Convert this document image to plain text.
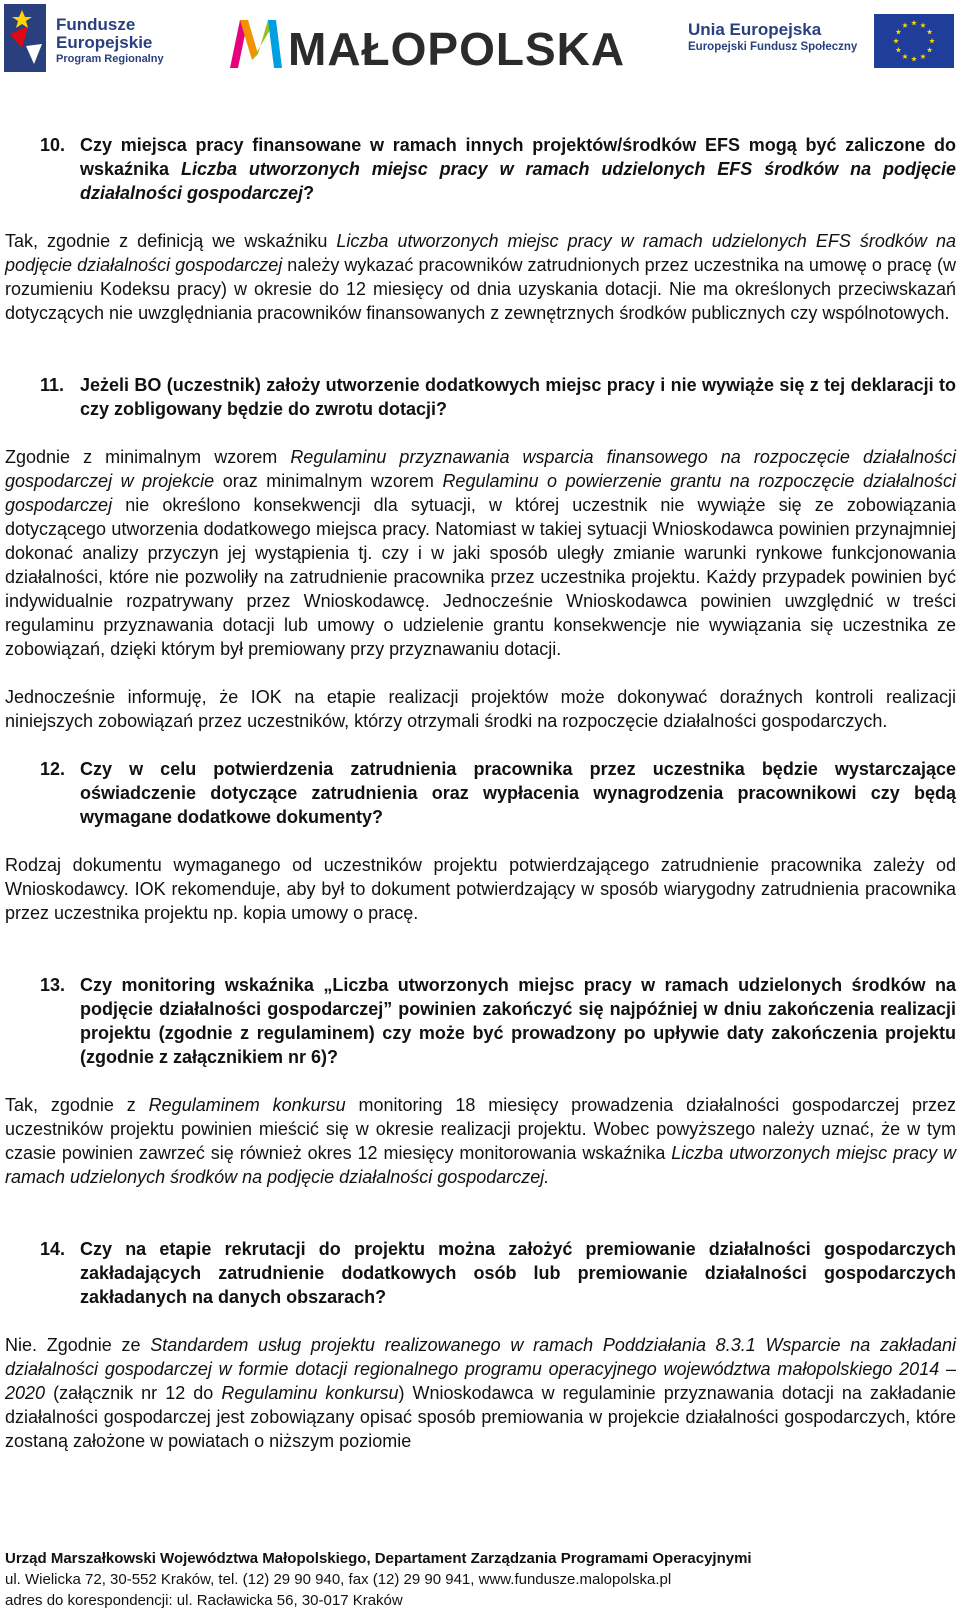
Fundusze
Europejskie
Program Regionalny	MAŁOPOLSKA	Unia Europejska
Europejski Fundusz Społeczny
10. Czy miejsca pracy finansowane w ramach innych projektów/środków EFS mogą być zaliczone do wskaźnika Liczba utworzonych miejsc pracy w ramach udzielonych EFS środków na podjęcie działalności gospodarczej?
Tak, zgodnie z definicją we wskaźniku Liczba utworzonych miejsc pracy w ramach udzielonych EFS środków na podjęcie działalności gospodarczej należy wykazać pracowników zatrudnionych przez uczestnika na umowę o pracę (w rozumieniu Kodeksu pracy) w okresie do 12 miesięcy od dnia uzyskania dotacji. Nie ma określonych przeciwskazań dotyczących nie uwzględniania pracowników finansowanych z zewnętrznych środków publicznych czy wspólnotowych.
11. Jeżeli BO (uczestnik) założy utworzenie dodatkowych miejsc pracy i nie wywiąże się z tej deklaracji to czy zobligowany będzie do zwrotu dotacji?
Zgodnie z minimalnym wzorem Regulaminu przyznawania wsparcia finansowego na rozpoczęcie działalności gospodarczej w projekcie oraz minimalnym wzorem Regulaminu o powierzenie grantu na rozpoczęcie działalności gospodarczej nie określono konsekwencji dla sytuacji, w której uczestnik nie wywiąże się ze zobowiązania dotyczącego utworzenia dodatkowego miejsca pracy. Natomiast w takiej sytuacji Wnioskodawca powinien przynajmniej dokonać analizy przyczyn jej wystąpienia tj. czy i w jaki sposób uległy zmianie warunki rynkowe funkcjonowania działalności, które nie pozwoliły na zatrudnienie pracownika przez uczestnika projektu. Każdy przypadek powinien być indywidualnie rozpatrywany przez Wnioskodawcę. Jednocześnie Wnioskodawca powinien uwzględnić w treści regulaminu przyznawania dotacji lub umowy o udzielenie grantu konsekwencje nie wywiązania się uczestnika ze zobowiązań, dzięki którym był premiowany przy przyznawaniu dotacji.
Jednocześnie informuję, że IOK na etapie realizacji projektów może dokonywać doraźnych kontroli realizacji niniejszych zobowiązań przez uczestników, którzy otrzymali środki na rozpoczęcie działalności gospodarczych.
12. Czy w celu potwierdzenia zatrudnienia pracownika przez uczestnika będzie wystarczające oświadczenie dotyczące zatrudnienia oraz wypłacenia wynagrodzenia pracownikowi czy będą wymagane dodatkowe dokumenty?
Rodzaj dokumentu wymaganego od uczestników projektu potwierdzającego zatrudnienie pracownika zależy od Wnioskodawcy. IOK rekomenduje, aby był to dokument potwierdzający w sposób wiarygodny zatrudnienia pracownika przez uczestnika projektu np. kopia umowy o pracę.
13. Czy monitoring wskaźnika „Liczba utworzonych miejsc pracy w ramach udzielonych środków na podjęcie działalności gospodarczej” powinien zakończyć się najpóźniej w dniu zakończenia realizacji projektu (zgodnie z regulaminem) czy może być prowadzony po upływie daty zakończenia projektu (zgodnie z załącznikiem nr 6)?
Tak, zgodnie z Regulaminem konkursu monitoring 18 miesięcy prowadzenia działalności gospodarczej przez uczestników projektu powinien mieścić się w okresie realizacji projektu. Wobec powyższego należy uznać, że w tym czasie powinien zawrzeć się również okres 12 miesięcy monitorowania wskaźnika Liczba utworzonych miejsc pracy w ramach udzielonych środków na podjęcie działalności gospodarczej.
14. Czy na etapie rekrutacji do projektu można założyć premiowanie działalności gospodarczych zakładających zatrudnienie dodatkowych osób lub premiowanie działalności gospodarczych zakładanych na danych obszarach?
Nie. Zgodnie ze Standardem usług projektu realizowanego w ramach Poddziałania 8.3.1 Wsparcie na zakładani działalności gospodarczej w formie dotacji regionalnego programu operacyjnego województwa małopolskiego 2014 – 2020 (załącznik nr 12 do Regulaminu konkursu) Wnioskodawca w regulaminie przyznawania dotacji na zakładanie działalności gospodarczej jest zobowiązany opisać sposób premiowania w projekcie działalności gospodarczych, które zostaną założone w powiatach o niższym poziomie
Urząd Marszałkowski Województwa Małopolskiego, Departament Zarządzania Programami Operacyjnymi
ul. Wielicka 72, 30-552 Kraków, tel. (12) 29 90 940, fax (12) 29 90 941, www.fundusze.malopolska.pl
adres do korespondencji: ul. Racławicka 56, 30-017 Kraków
